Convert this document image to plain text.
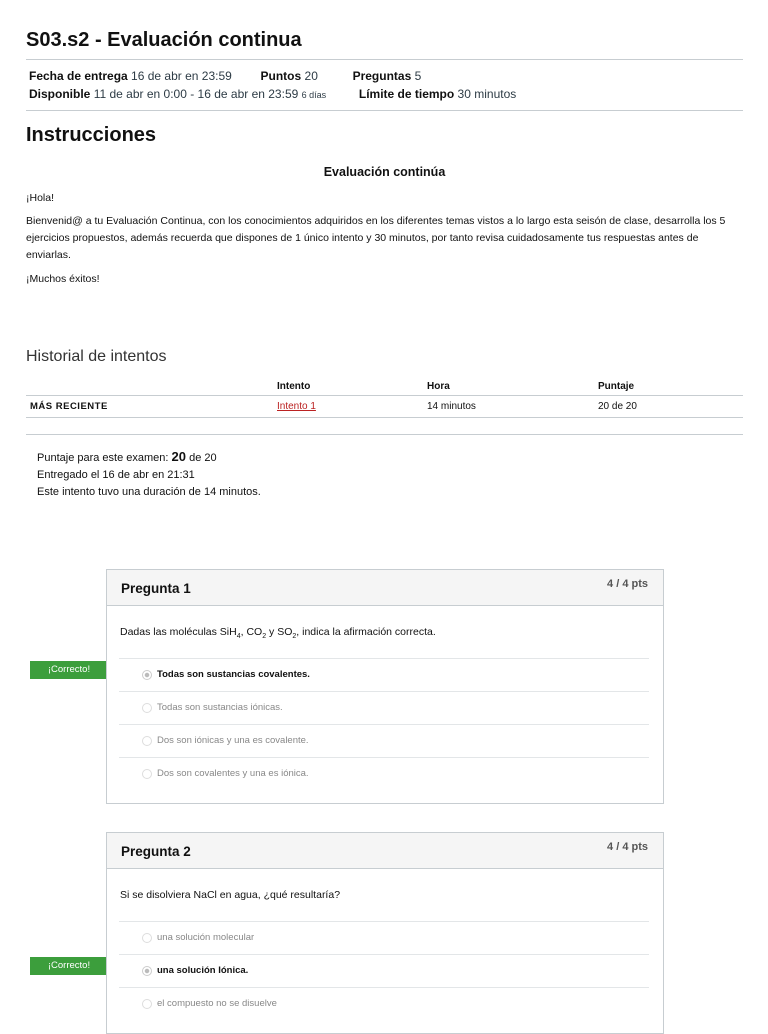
S03.s2 - Evaluación continua
Fecha de entrega 16 de abr en 23:59 Puntos 20	Preguntas 5
Disponible 11 de abr en 0:00 - 16 de abr en 23:59 6 días	Límite de tiempo 30 minutos
Instrucciones
Evaluación continúa
¡Hola!
Bienvenid@ a tu Evaluación Continua, con los conocimientos adquiridos en los diferentes temas vistos a lo largo esta seisón de clase, desarrolla los 5 ejercicios propuestos, además recuerda que dispones de 1 único intento y 30 minutos, por tanto revisa cuidadosamente tus respuestas antes de enviarlas.
¡Muchos éxitos!
Historial de intentos
	Intento	Hora	Puntaje
MÁS RECIENTE	Intento 1	14 minutos	20 de 20
Puntaje para este examen: 20 de 20
Entregado el 16 de abr en 21:31
Este intento tuvo una duración de 14 minutos.
¡Correcto!
Pregunta 1	4 / 4 pts
Dadas las moléculas SiH$_4$, $CO_2$ y $SO_2$, indica la afirmación correcta.
Todas son sustancias covalentes.
Todas son sustancias iónicas.
Dos son iónicas y una es covalente.
Dos son covalentes y una es iónica.
¡Correcto!
Pregunta 2	4 / 4 pts
Si se disolviera NaCl en agua, ¿qué resultaría?
una solución molecular
una solución Iónica.
el compuesto no se disuelve
